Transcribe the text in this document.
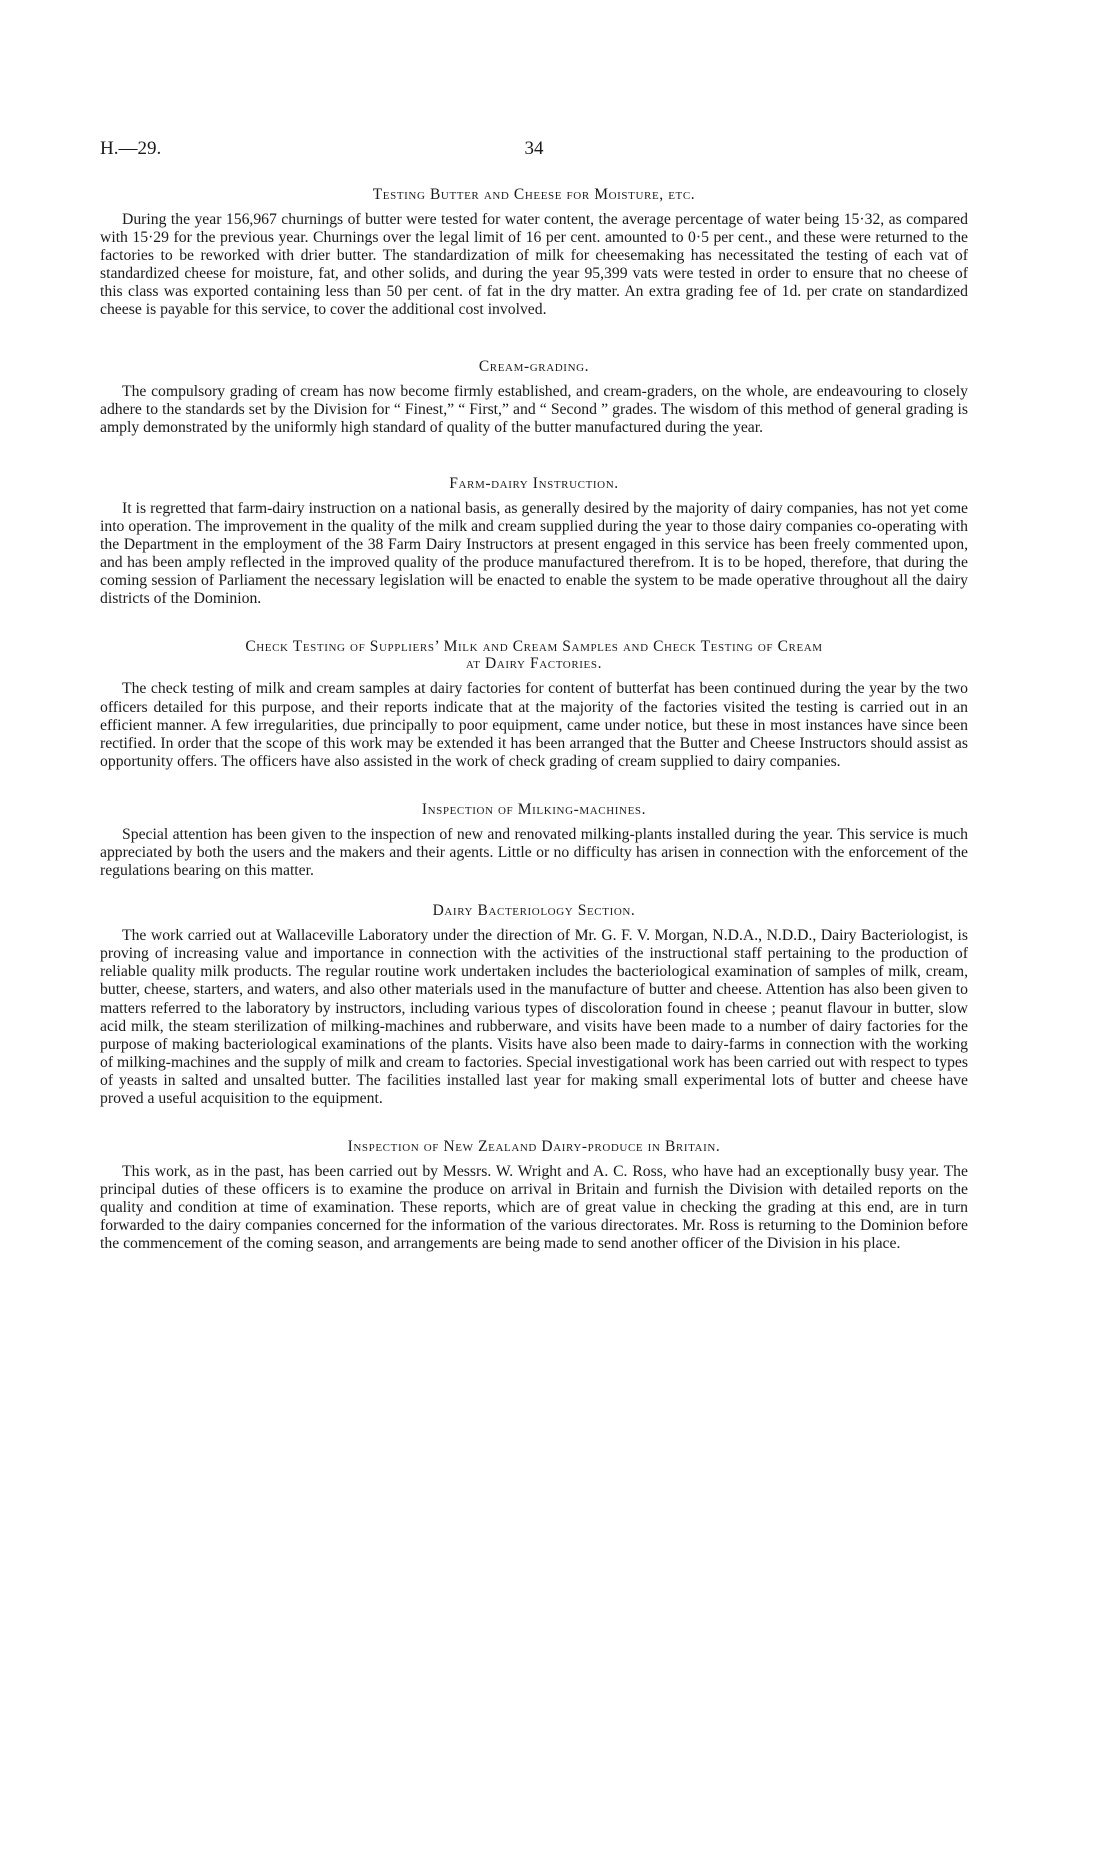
H.—29.	34
Testing Butter and Cheese for Moisture, etc.

During the year 156,967 churnings of butter were tested for water content, the average percentage of water being 15·32, as compared with 15·29 for the previous year. Churnings over the legal limit of 16 per cent. amounted to 0·5 per cent., and these were returned to the factories to be reworked with drier butter. The standardization of milk for cheesemaking has necessitated the testing of each vat of standardized cheese for moisture, fat, and other solids, and during the year 95,399 vats were tested in order to ensure that no cheese of this class was exported containing less than 50 per cent. of fat in the dry matter. An extra grading fee of 1d. per crate on standardized cheese is payable for this service, to cover the additional cost involved.

Cream-grading.

The compulsory grading of cream has now become firmly established, and cream-graders, on the whole, are endeavouring to closely adhere to the standards set by the Division for “ Finest,” “ First,” and “ Second ” grades. The wisdom of this method of general grading is amply demonstrated by the uniformly high standard of quality of the butter manufactured during the year.

Farm-dairy Instruction.

It is regretted that farm-dairy instruction on a national basis, as generally desired by the majority of dairy companies, has not yet come into operation. The improvement in the quality of the milk and cream supplied during the year to those dairy companies co-operating with the Department in the employment of the 38 Farm Dairy Instructors at present engaged in this service has been freely commented upon, and has been amply reflected in the improved quality of the produce manufactured therefrom. It is to be hoped, therefore, that during the coming session of Parliament the necessary legislation will be enacted to enable the system to be made operative throughout all the dairy districts of the Dominion.

Check Testing of Suppliers’ Milk and Cream Samples and Check Testing of Cream
at Dairy Factories.

The check testing of milk and cream samples at dairy factories for content of butterfat has been continued during the year by the two officers detailed for this purpose, and their reports indicate that at the majority of the factories visited the testing is carried out in an efficient manner. A few irregularities, due principally to poor equipment, came under notice, but these in most instances have since been rectified. In order that the scope of this work may be extended it has been arranged that the Butter and Cheese Instructors should assist as opportunity offers. The officers have also assisted in the work of check grading of cream supplied to dairy companies.

Inspection of Milking-machines.

Special attention has been given to the inspection of new and renovated milking-plants installed during the year. This service is much appreciated by both the users and the makers and their agents. Little or no difficulty has arisen in connection with the enforcement of the regulations bearing on this matter.

Dairy Bacteriology Section.

The work carried out at Wallaceville Laboratory under the direction of Mr. G. F. V. Morgan, N.D.A., N.D.D., Dairy Bacteriologist, is proving of increasing value and importance in connection with the activities of the instructional staff pertaining to the production of reliable quality milk products. The regular routine work undertaken includes the bacteriological examination of samples of milk, cream, butter, cheese, starters, and waters, and also other materials used in the manufacture of butter and cheese. Attention has also been given to matters referred to the laboratory by instructors, including various types of discoloration found in cheese ; peanut flavour in butter, slow acid milk, the steam sterilization of milking-machines and rubberware, and visits have been made to a number of dairy factories for the purpose of making bacteriological examinations of the plants. Visits have also been made to dairy-farms in connection with the working of milking-machines and the supply of milk and cream to factories. Special investigational work has been carried out with respect to types of yeasts in salted and unsalted butter. The facilities installed last year for making small experimental lots of butter and cheese have proved a useful acquisition to the equipment.

Inspection of New Zealand Dairy-produce in Britain.

This work, as in the past, has been carried out by Messrs. W. Wright and A. C. Ross, who have had an exceptionally busy year. The principal duties of these officers is to examine the produce on arrival in Britain and furnish the Division with detailed reports on the quality and condition at time of examination. These reports, which are of great value in checking the grading at this end, are in turn forwarded to the dairy companies concerned for the information of the various directorates. Mr. Ross is returning to the Dominion before the commencement of the coming season, and arrangements are being made to send another officer of the Division in his place.
